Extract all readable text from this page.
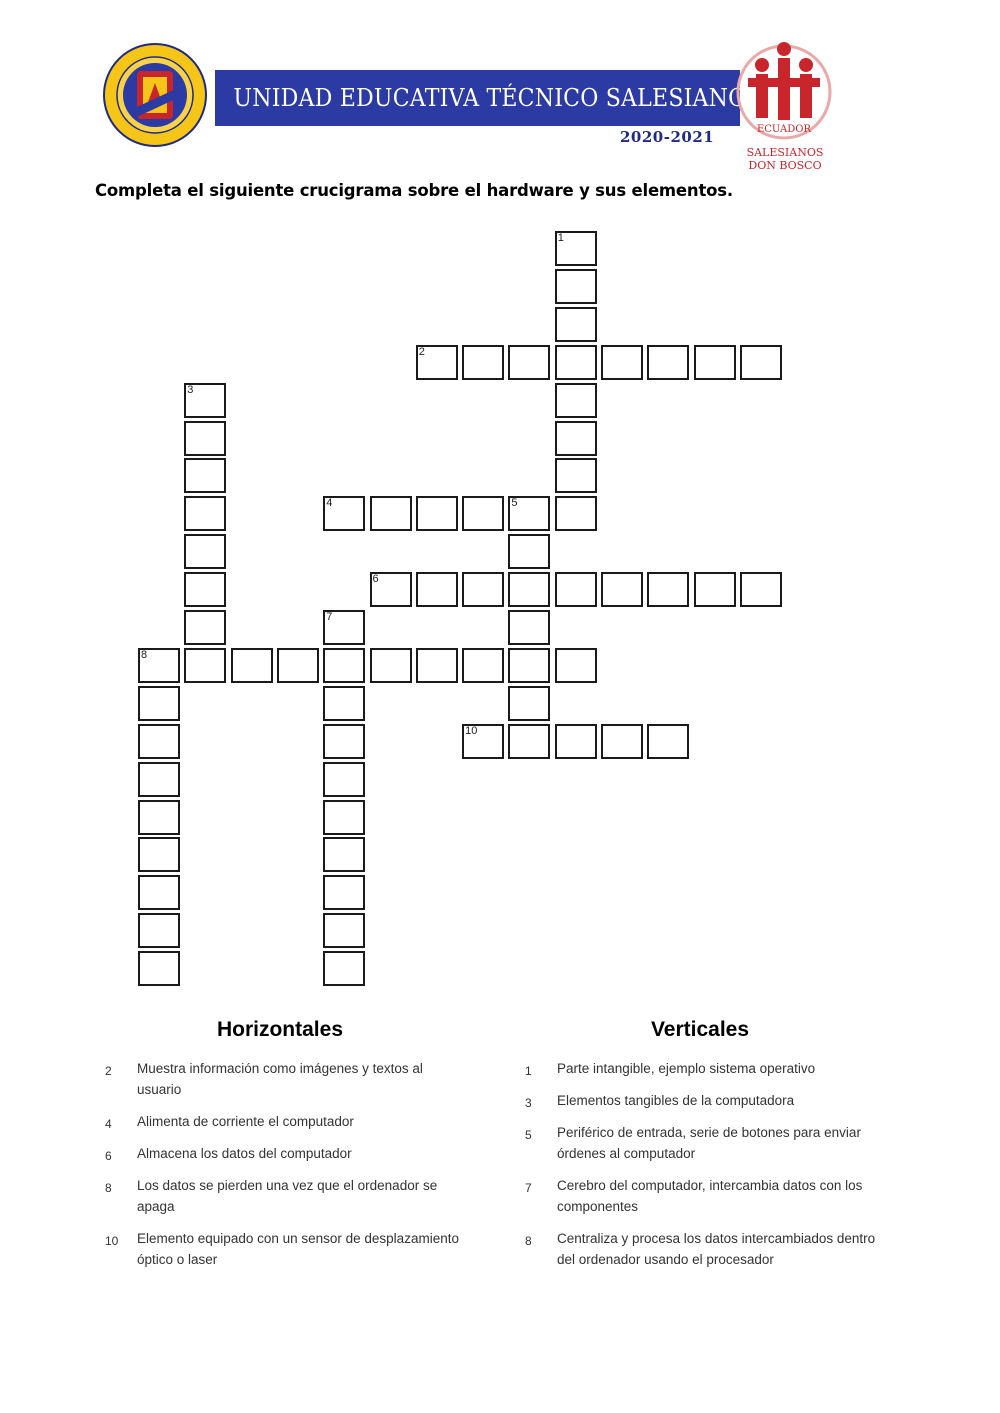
UNIDAD EDUCATIVA TÉCNICO SALESIANO
2020-2021	ECUADOR
SALESIANOS
DON BOSCO
Completa el siguiente crucigrama sobre el hardware y sus elementos.
1
2
3
4	5
6
7
8
10
Horizontales
2	Muestra información como imágenes y textos al usuario
4	Alimenta de corriente el computador
6	Almacena los datos del computador
8	Los datos se pierden una vez que el ordenador se apaga
10	Elemento equipado con un sensor de desplazamiento óptico o laser
Verticales
1	Parte intangible, ejemplo sistema operativo
3	Elementos tangibles de la computadora
5	Periférico de entrada, serie de botones para enviar órdenes al computador
7	Cerebro del computador, intercambia datos con los componentes
8	Centraliza y procesa los datos intercambiados dentro del ordenador usando el procesador
